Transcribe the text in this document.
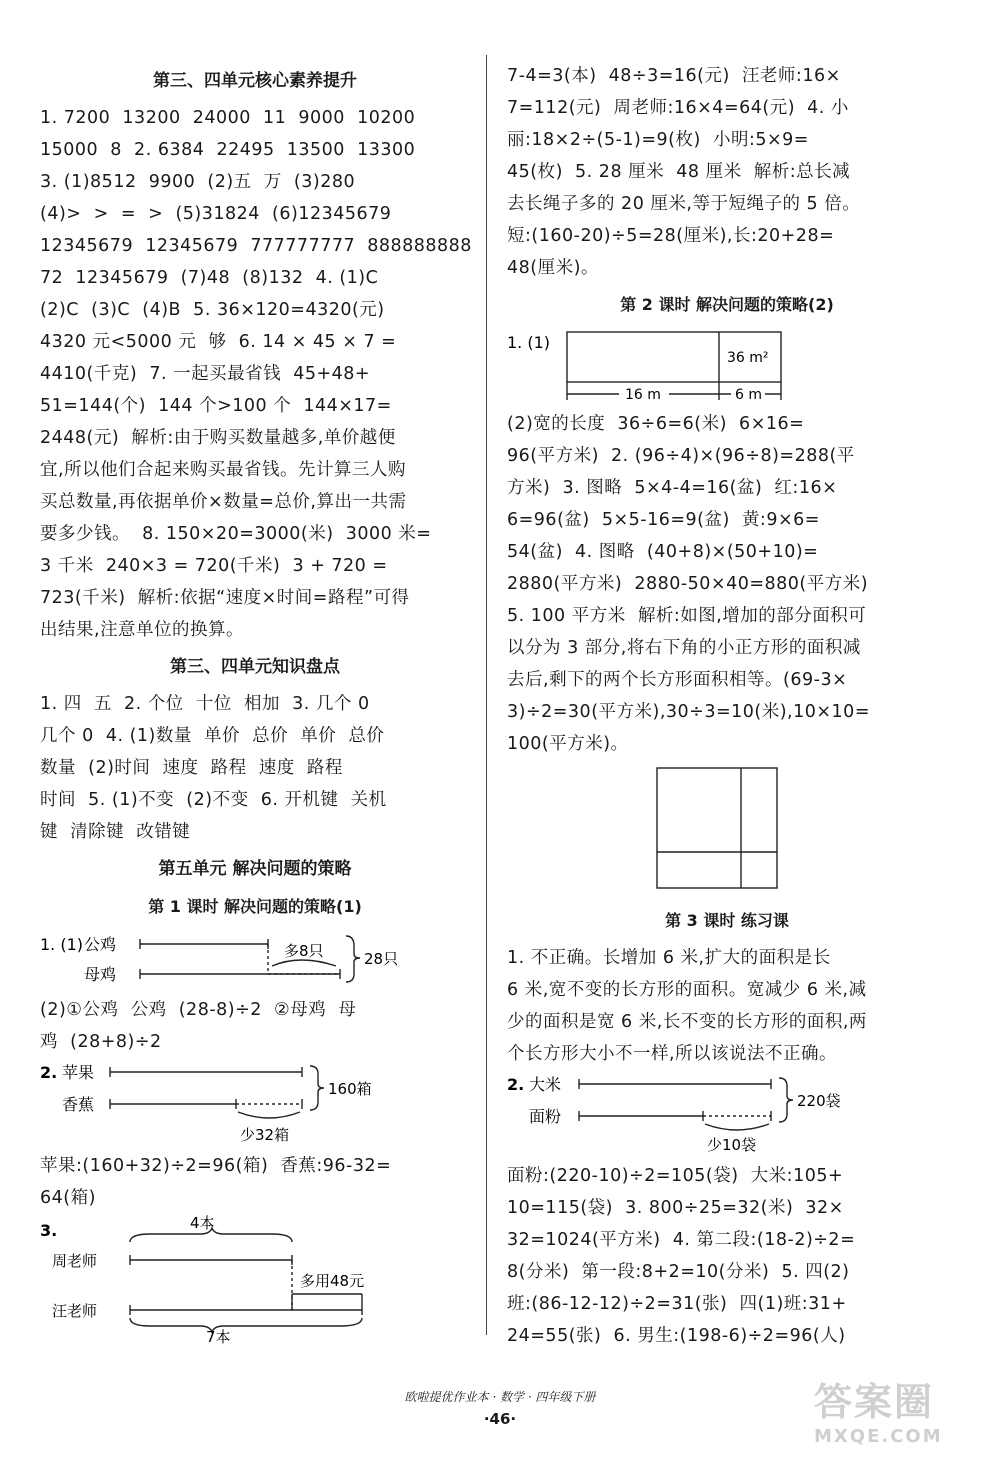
第三、四单元核心素养提升
1. 7200  13200  24000  11  9000  10200
15000  8  2. 6384  22495  13500  13300
3. (1)8512  9900  (2)五  万  (3)280
(4)>  >  =  >  (5)31824  (6)12345679
12345679  12345679  777777777  888888888
72  12345679  (7)48  (8)132  4. (1)C
(2)C  (3)C  (4)B  5. 36×120=4320(元)
4320 元<5000 元  够  6. 14 × 45 × 7 =
4410(千克)  7. 一起买最省钱  45+48+
51=144(个)  144 个>100 个  144×17=
2448(元)  解析:由于购买数量越多,单价越便
宜,所以他们合起来购买最省钱。先计算三人购
买总数量,再依据单价×数量=总价,算出一共需
要多少钱。  8. 150×20=3000(米)  3000 米=
3 千米  240×3 = 720(千米)  3 + 720 =
723(千米)  解析:依据“速度×时间=路程”可得
出结果,注意单位的换算。
第三、四单元知识盘点
1. 四  五  2. 个位  十位  相加  3. 几个 0
几个 0  4. (1)数量  单价  总价  单价  总价
数量  (2)时间  速度  路程  速度  路程
时间  5. (1)不变  (2)不变  6. 开机键  关机
键  清除键  改错键
第五单元 解决问题的策略
第 1 课时 解决问题的策略(1)
1. (1) 公鸡
母鸡
多8只	28只
(2)①公鸡  公鸡  (28-8)÷2  ②母鸡  母
鸡  (28+8)÷2
2. 苹果
香蕉
160箱
少32箱
苹果:(160+32)÷2=96(箱)  香蕉:96-32=
64(箱)
3.	4本
周老师
汪老师
多用48元
7本
7-4=3(本)  48÷3=16(元)  汪老师:16×
7=112(元)  周老师:16×4=64(元)  4. 小
丽:18×2÷(5-1)=9(枚)  小明:5×9=
45(枚)  5. 28 厘米  48 厘米  解析:总长减
去长绳子多的 20 厘米,等于短绳子的 5 倍。
短:(160-20)÷5=28(厘米),长:20+28=
48(厘米)。
第 2 课时 解决问题的策略(2)
1. (1)
36 m²
16 m	6 m
(2)宽的长度  36÷6=6(米)  6×16=
96(平方米)  2. (96÷4)×(96÷8)=288(平
方米)  3. 图略  5×4-4=16(盆)  红:16×
6=96(盆)  5×5-16=9(盆)  黄:9×6=
54(盆)  4. 图略  (40+8)×(50+10)=
2880(平方米)  2880-50×40=880(平方米)
5. 100 平方米  解析:如图,增加的部分面积可
以分为 3 部分,将右下角的小正方形的面积减
去后,剩下的两个长方形面积相等。(69-3×
3)÷2=30(平方米),30÷3=10(米),10×10=
100(平方米)。
第 3 课时 练习课
1. 不正确。长增加 6 米,扩大的面积是长
6 米,宽不变的长方形的面积。宽减少 6 米,减
少的面积是宽 6 米,长不变的长方形的面积,两
个长方形大小不一样,所以该说法不正确。
2. 大米
面粉
220袋
少10袋
面粉:(220-10)÷2=105(袋)  大米:105+
10=115(袋)  3. 800÷25=32(米)  32×
32=1024(平方米)  4. 第二段:(18-2)÷2=
8(分米)  第一段:8+2=10(分米)  5. 四(2)
班:(86-12-12)÷2=31(张)  四(1)班:31+
24=55(张)  6. 男生:(198-6)÷2=96(人)
欧啦提优作业本 · 数学 · 四年级下册
·46·	答案圈
MXQE.COM
